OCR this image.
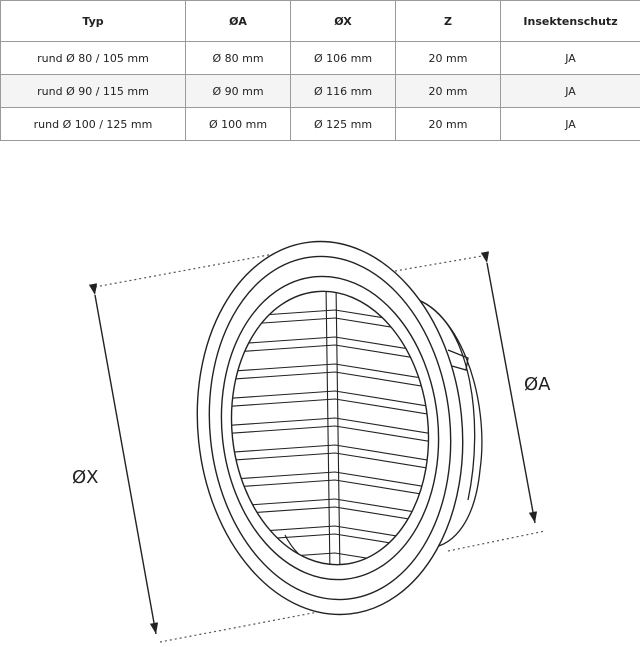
Typ	ØA	ØX	Z	Insektenschutz
rund Ø 80 / 105 mm	Ø 80 mm	Ø 106 mm	20 mm	JA
rund Ø 90 / 115 mm	Ø 90 mm	Ø 116 mm	20 mm	JA
rund Ø 100 / 125 mm	Ø 100 mm	Ø 125 mm	20 mm	JA
ØX
ØA
